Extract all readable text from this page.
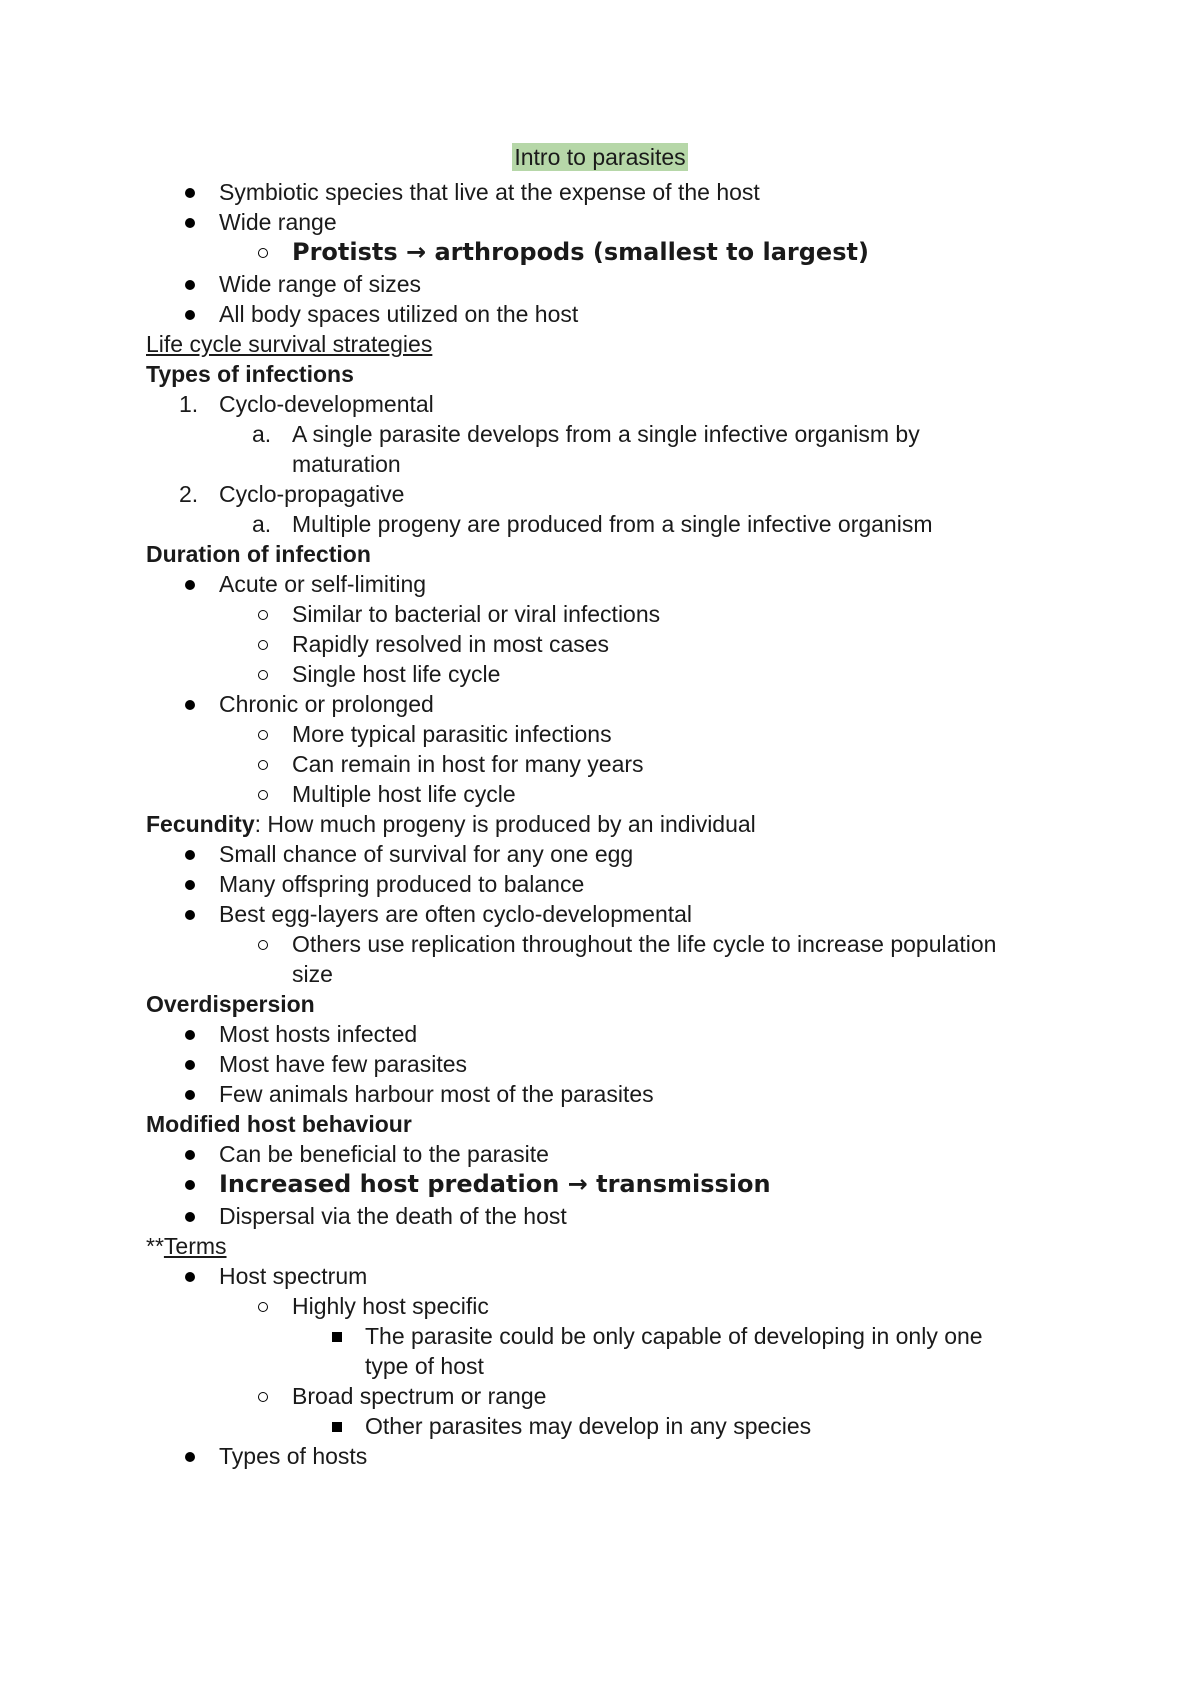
Intro to parasites
Symbiotic species that live at the expense of the host
Wide range
Protists → arthropods (smallest to largest)
Wide range of sizes
All body spaces utilized on the host
Life cycle survival strategies
Types of infections
1. Cyclo-developmental
a. A single parasite develops from a single infective organism by
maturation
2. Cyclo-propagative
a. Multiple progeny are produced from a single infective organism
Duration of infection
Acute or self-limiting
Similar to bacterial or viral infections
Rapidly resolved in most cases
Single host life cycle
Chronic or prolonged
More typical parasitic infections
Can remain in host for many years
Multiple host life cycle
Fecundity: How much progeny is produced by an individual
Small chance of survival for any one egg
Many offspring produced to balance
Best egg-layers are often cyclo-developmental
Others use replication throughout the life cycle to increase population
size
Overdispersion
Most hosts infected
Most have few parasites
Few animals harbour most of the parasites
Modified host behaviour
Can be beneficial to the parasite
Increased host predation → transmission
Dispersal via the death of the host
**Terms
Host spectrum
Highly host specific
The parasite could be only capable of developing in only one
type of host
Broad spectrum or range
Other parasites may develop in any species
Types of hosts
